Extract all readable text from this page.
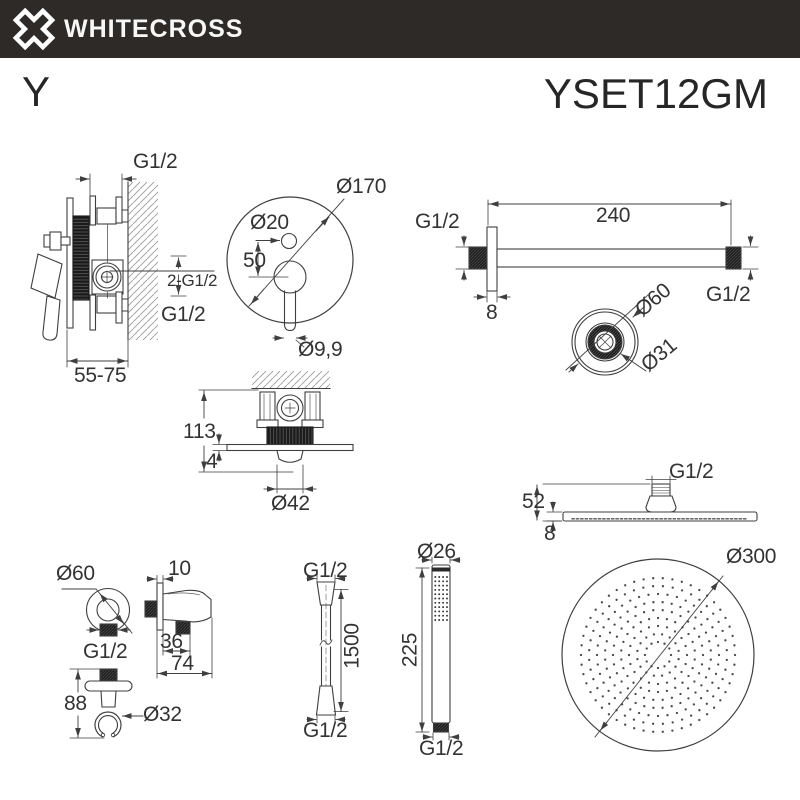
WHITECROSS
Y	YSET12GM
G1/2
2-G1/2
G1/2
55-75
Ø170
Ø20
50
Ø9,9
G1/2	240
G1/2
8	Ø60
Ø31
113
4
Ø42
G1/2
52
8
Ø60	10
36
74
G1/2
88	Ø32
G1/2
1500
G1/2
Ø26
225
G1/2
Ø300
